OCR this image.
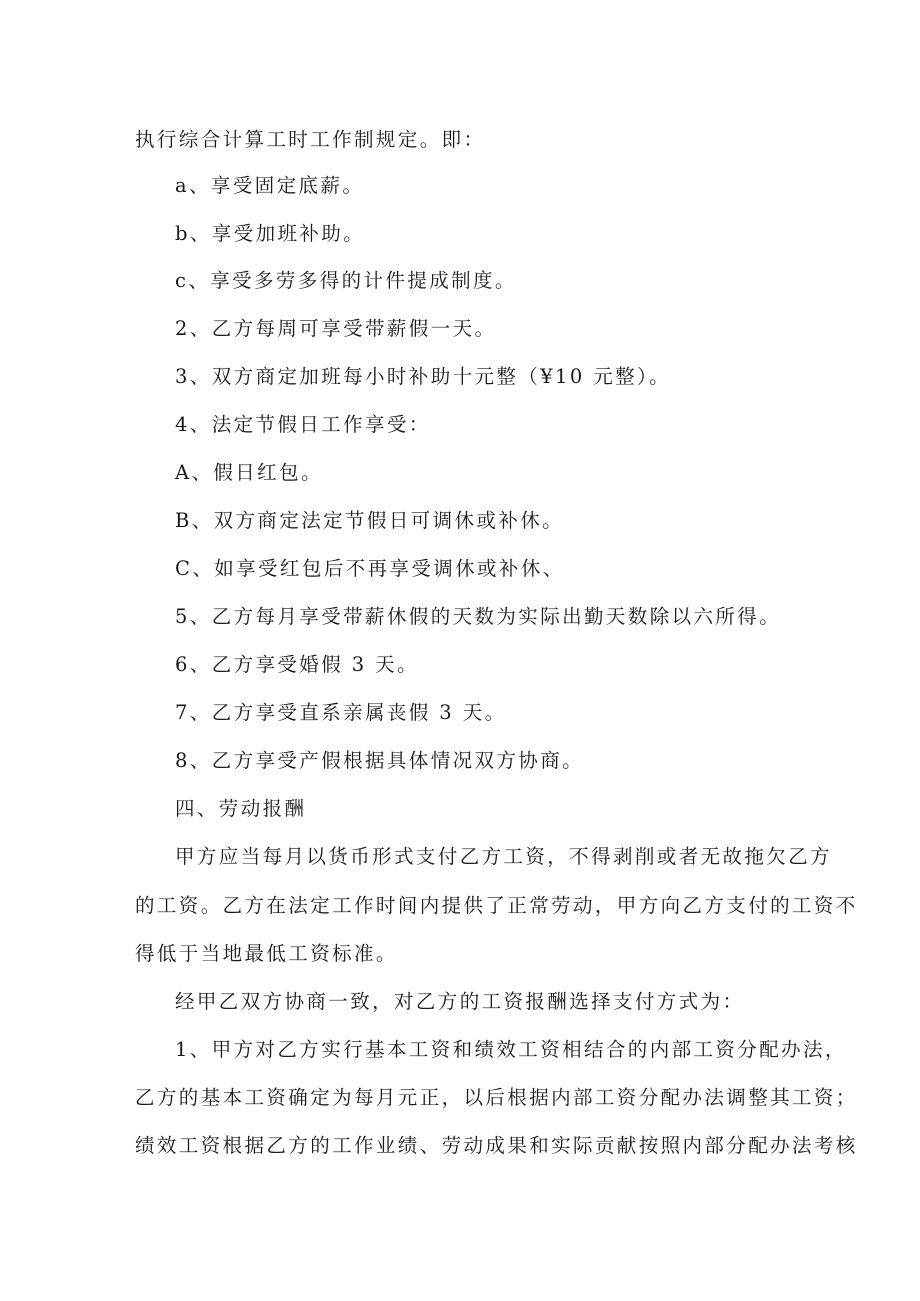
执行综合计算工时工作制规定。即：
a、享受固定底薪。
b、享受加班补助。
c、享受多劳多得的计件提成制度。
2、乙方每周可享受带薪假一天。
3、双方商定加班每小时补助十元整（¥10 元整）。
4、法定节假日工作享受：
A、假日红包。
B、双方商定法定节假日可调休或补休。
C、如享受红包后不再享受调休或补休、
5、乙方每月享受带薪休假的天数为实际出勤天数除以六所得。
6、乙方享受婚假 3 天。
7、乙方享受直系亲属丧假 3 天。
8、乙方享受产假根据具体情况双方协商。
四、劳动报酬
甲方应当每月以货币形式支付乙方工资，不得剥削或者无故拖欠乙方
的工资。乙方在法定工作时间内提供了正常劳动，甲方向乙方支付的工资不
得低于当地最低工资标准。
经甲乙双方协商一致，对乙方的工资报酬选择支付方式为：
1、甲方对乙方实行基本工资和绩效工资相结合的内部工资分配办法，
乙方的基本工资确定为每月元正，以后根据内部工资分配办法调整其工资；
绩效工资根据乙方的工作业绩、劳动成果和实际贡献按照内部分配办法考核
